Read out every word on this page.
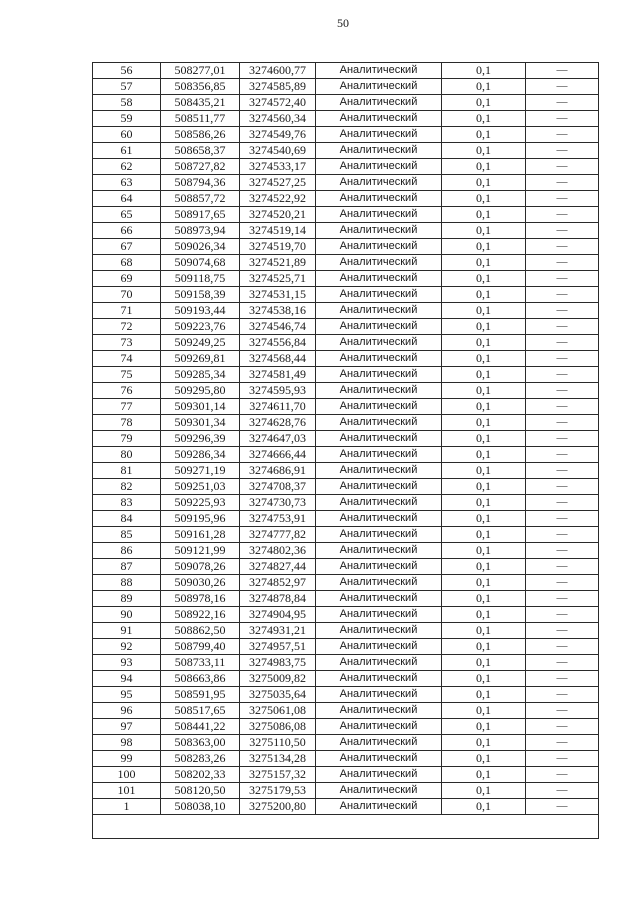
50
56	508277,01	3274600,77	Аналитический	0,1	—
57	508356,85	3274585,89	Аналитический	0,1	—
58	508435,21	3274572,40	Аналитический	0,1	—
59	508511,77	3274560,34	Аналитический	0,1	—
60	508586,26	3274549,76	Аналитический	0,1	—
61	508658,37	3274540,69	Аналитический	0,1	—
62	508727,82	3274533,17	Аналитический	0,1	—
63	508794,36	3274527,25	Аналитический	0,1	—
64	508857,72	3274522,92	Аналитический	0,1	—
65	508917,65	3274520,21	Аналитический	0,1	—
66	508973,94	3274519,14	Аналитический	0,1	—
67	509026,34	3274519,70	Аналитический	0,1	—
68	509074,68	3274521,89	Аналитический	0,1	—
69	509118,75	3274525,71	Аналитический	0,1	—
70	509158,39	3274531,15	Аналитический	0,1	—
71	509193,44	3274538,16	Аналитический	0,1	—
72	509223,76	3274546,74	Аналитический	0,1	—
73	509249,25	3274556,84	Аналитический	0,1	—
74	509269,81	3274568,44	Аналитический	0,1	—
75	509285,34	3274581,49	Аналитический	0,1	—
76	509295,80	3274595,93	Аналитический	0,1	—
77	509301,14	3274611,70	Аналитический	0,1	—
78	509301,34	3274628,76	Аналитический	0,1	—
79	509296,39	3274647,03	Аналитический	0,1	—
80	509286,34	3274666,44	Аналитический	0,1	—
81	509271,19	3274686,91	Аналитический	0,1	—
82	509251,03	3274708,37	Аналитический	0,1	—
83	509225,93	3274730,73	Аналитический	0,1	—
84	509195,96	3274753,91	Аналитический	0,1	—
85	509161,28	3274777,82	Аналитический	0,1	—
86	509121,99	3274802,36	Аналитический	0,1	—
87	509078,26	3274827,44	Аналитический	0,1	—
88	509030,26	3274852,97	Аналитический	0,1	—
89	508978,16	3274878,84	Аналитический	0,1	—
90	508922,16	3274904,95	Аналитический	0,1	—
91	508862,50	3274931,21	Аналитический	0,1	—
92	508799,40	3274957,51	Аналитический	0,1	—
93	508733,11	3274983,75	Аналитический	0,1	—
94	508663,86	3275009,82	Аналитический	0,1	—
95	508591,95	3275035,64	Аналитический	0,1	—
96	508517,65	3275061,08	Аналитический	0,1	—
97	508441,22	3275086,08	Аналитический	0,1	—
98	508363,00	3275110,50	Аналитический	0,1	—
99	508283,26	3275134,28	Аналитический	0,1	—
100	508202,33	3275157,32	Аналитический	0,1	—
101	508120,50	3275179,53	Аналитический	0,1	—
1	508038,10	3275200,80	Аналитический	0,1	—
